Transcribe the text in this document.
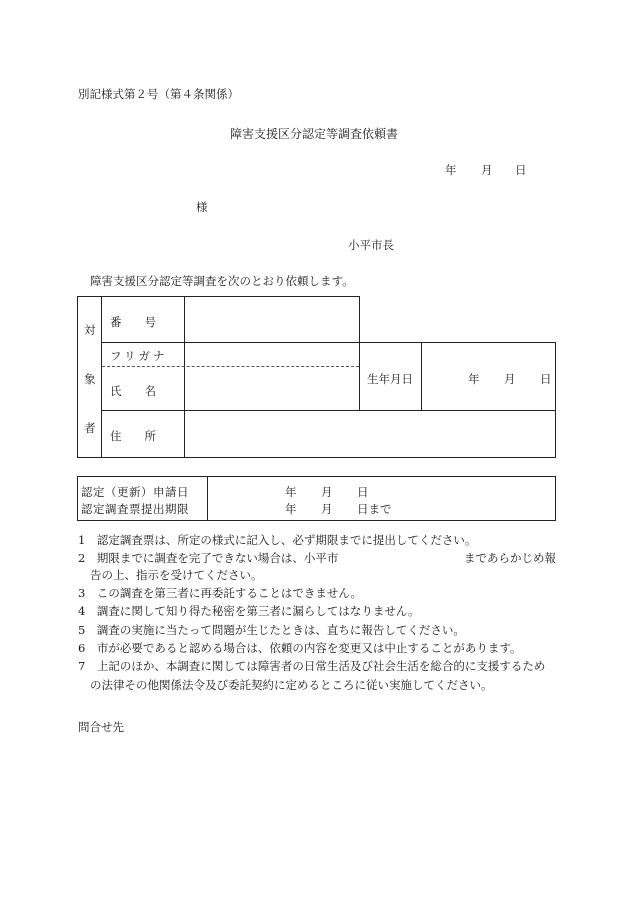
別記様式第２号（第４条関係）
障害支援区分認定等調査依頼書
年 月 日
様
小平市長
障害支援区分認定等調査を次のとおり依頼します。
対
象
者
番　　号
フリガナ
氏　　名
生年月日	年 月 日
住　　所
認定（更新）申請日
認定調査票提出期限
年 月 日
年 月 日まで
1　 認定調査票は、所定の様式に記入し、必ず期限までに提出してください。
2　 期限までに調査を完了できない場合は、小平市	まであらかじめ報
告の上、指示を受けてください。
3　 この調査を第三者に再委託することはできません。
4　 調査に関して知り得た秘密を第三者に漏らしてはなりません。
5　 調査の実施に当たって問題が生じたときは、直ちに報告してください。
6　 市が必要であると認める場合は、依頼の内容を変更又は中止することがあります。
7　 上記のほか、本調査に関しては障害者の日常生活及び社会生活を総合的に支援するため
の法律その他関係法令及び委託契約に定めるところに従い実施してください。
問合せ先
